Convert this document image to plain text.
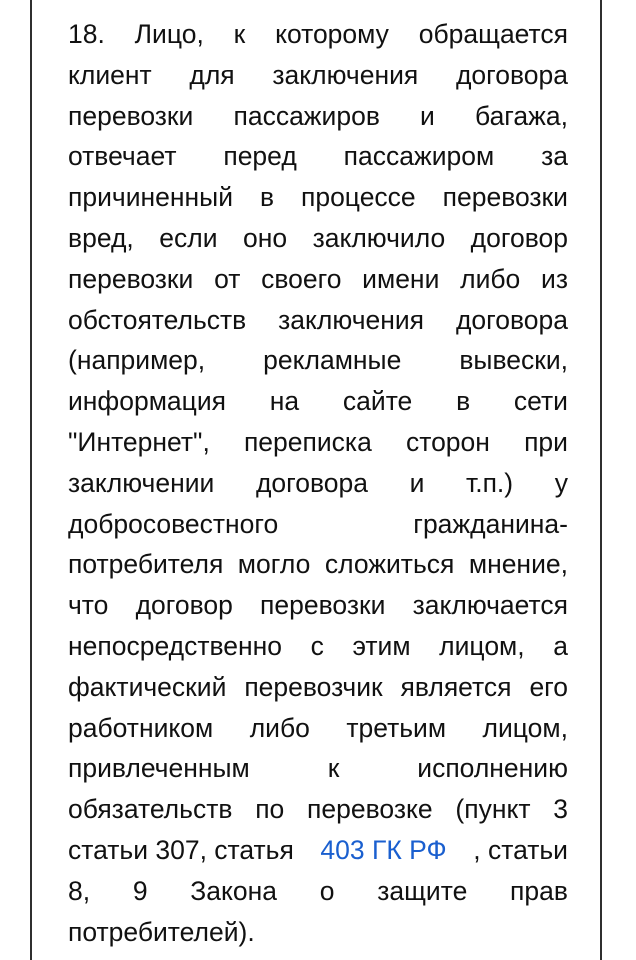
18. Лицо, к которому обращается
клиент для заключения договора
перевозки пассажиров и багажа,
отвечает перед пассажиром за
причиненный в процессе перевозки
вред, если оно заключило договор
перевозки от своего имени либо из
обстоятельств заключения договора
(например, рекламные вывески,
информация на сайте в сети
"Интернет", переписка сторон при
заключении договора и т.п.) у
добросовестного	гражданина-
потребителя могло сложиться мнение,
что договор перевозки заключается
непосредственно с этим лицом, а
фактический перевозчик является его
работником либо третьим лицом,
привлеченным	к	исполнению
обязательств по перевозке (пункт 3
статьи 307, статья 403 ГК РФ , статьи
8, 9 Закона о защите прав
потребителей).
